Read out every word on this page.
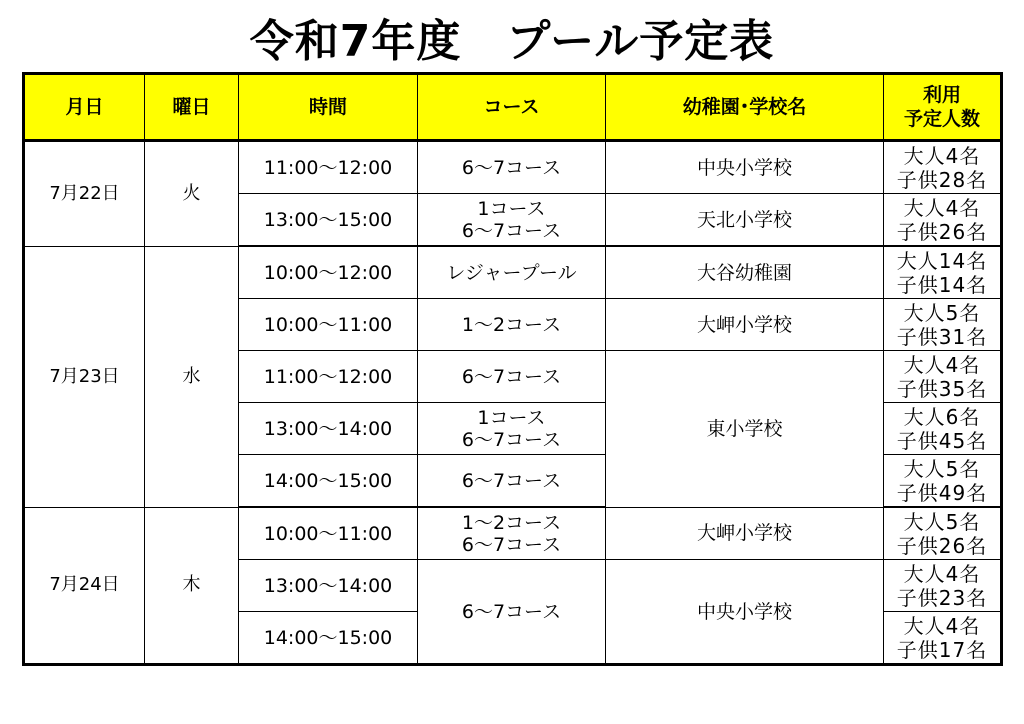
令和7年度　プール予定表
月日	曜日	時間	コース	幼稚園･学校名	利用
予定人数

7月22日	火	11:00～12:00	6～7コース	中央小学校	大人4名
子供28名

		13:00～15:00	1コース
6～7コース	天北小学校	大人4名
子供26名

7月23日	水	10:00～12:00	レジャープール	大谷幼稚園	大人14名
子供14名

		10:00～11:00	1～2コース	大岬小学校	大人5名
子供31名

		11:00～12:00	6～7コース	東小学校	大人4名
子供35名

		13:00～14:00	1コース
6～7コース		大人6名
子供45名

		14:00～15:00	6～7コース		大人5名
子供49名

7月24日	木	10:00～11:00	1～2コース
6～7コース	大岬小学校	大人5名
子供26名

		13:00～14:00	6～7コース	中央小学校	大人4名
子供23名

		14:00～15:00			大人4名
子供17名
